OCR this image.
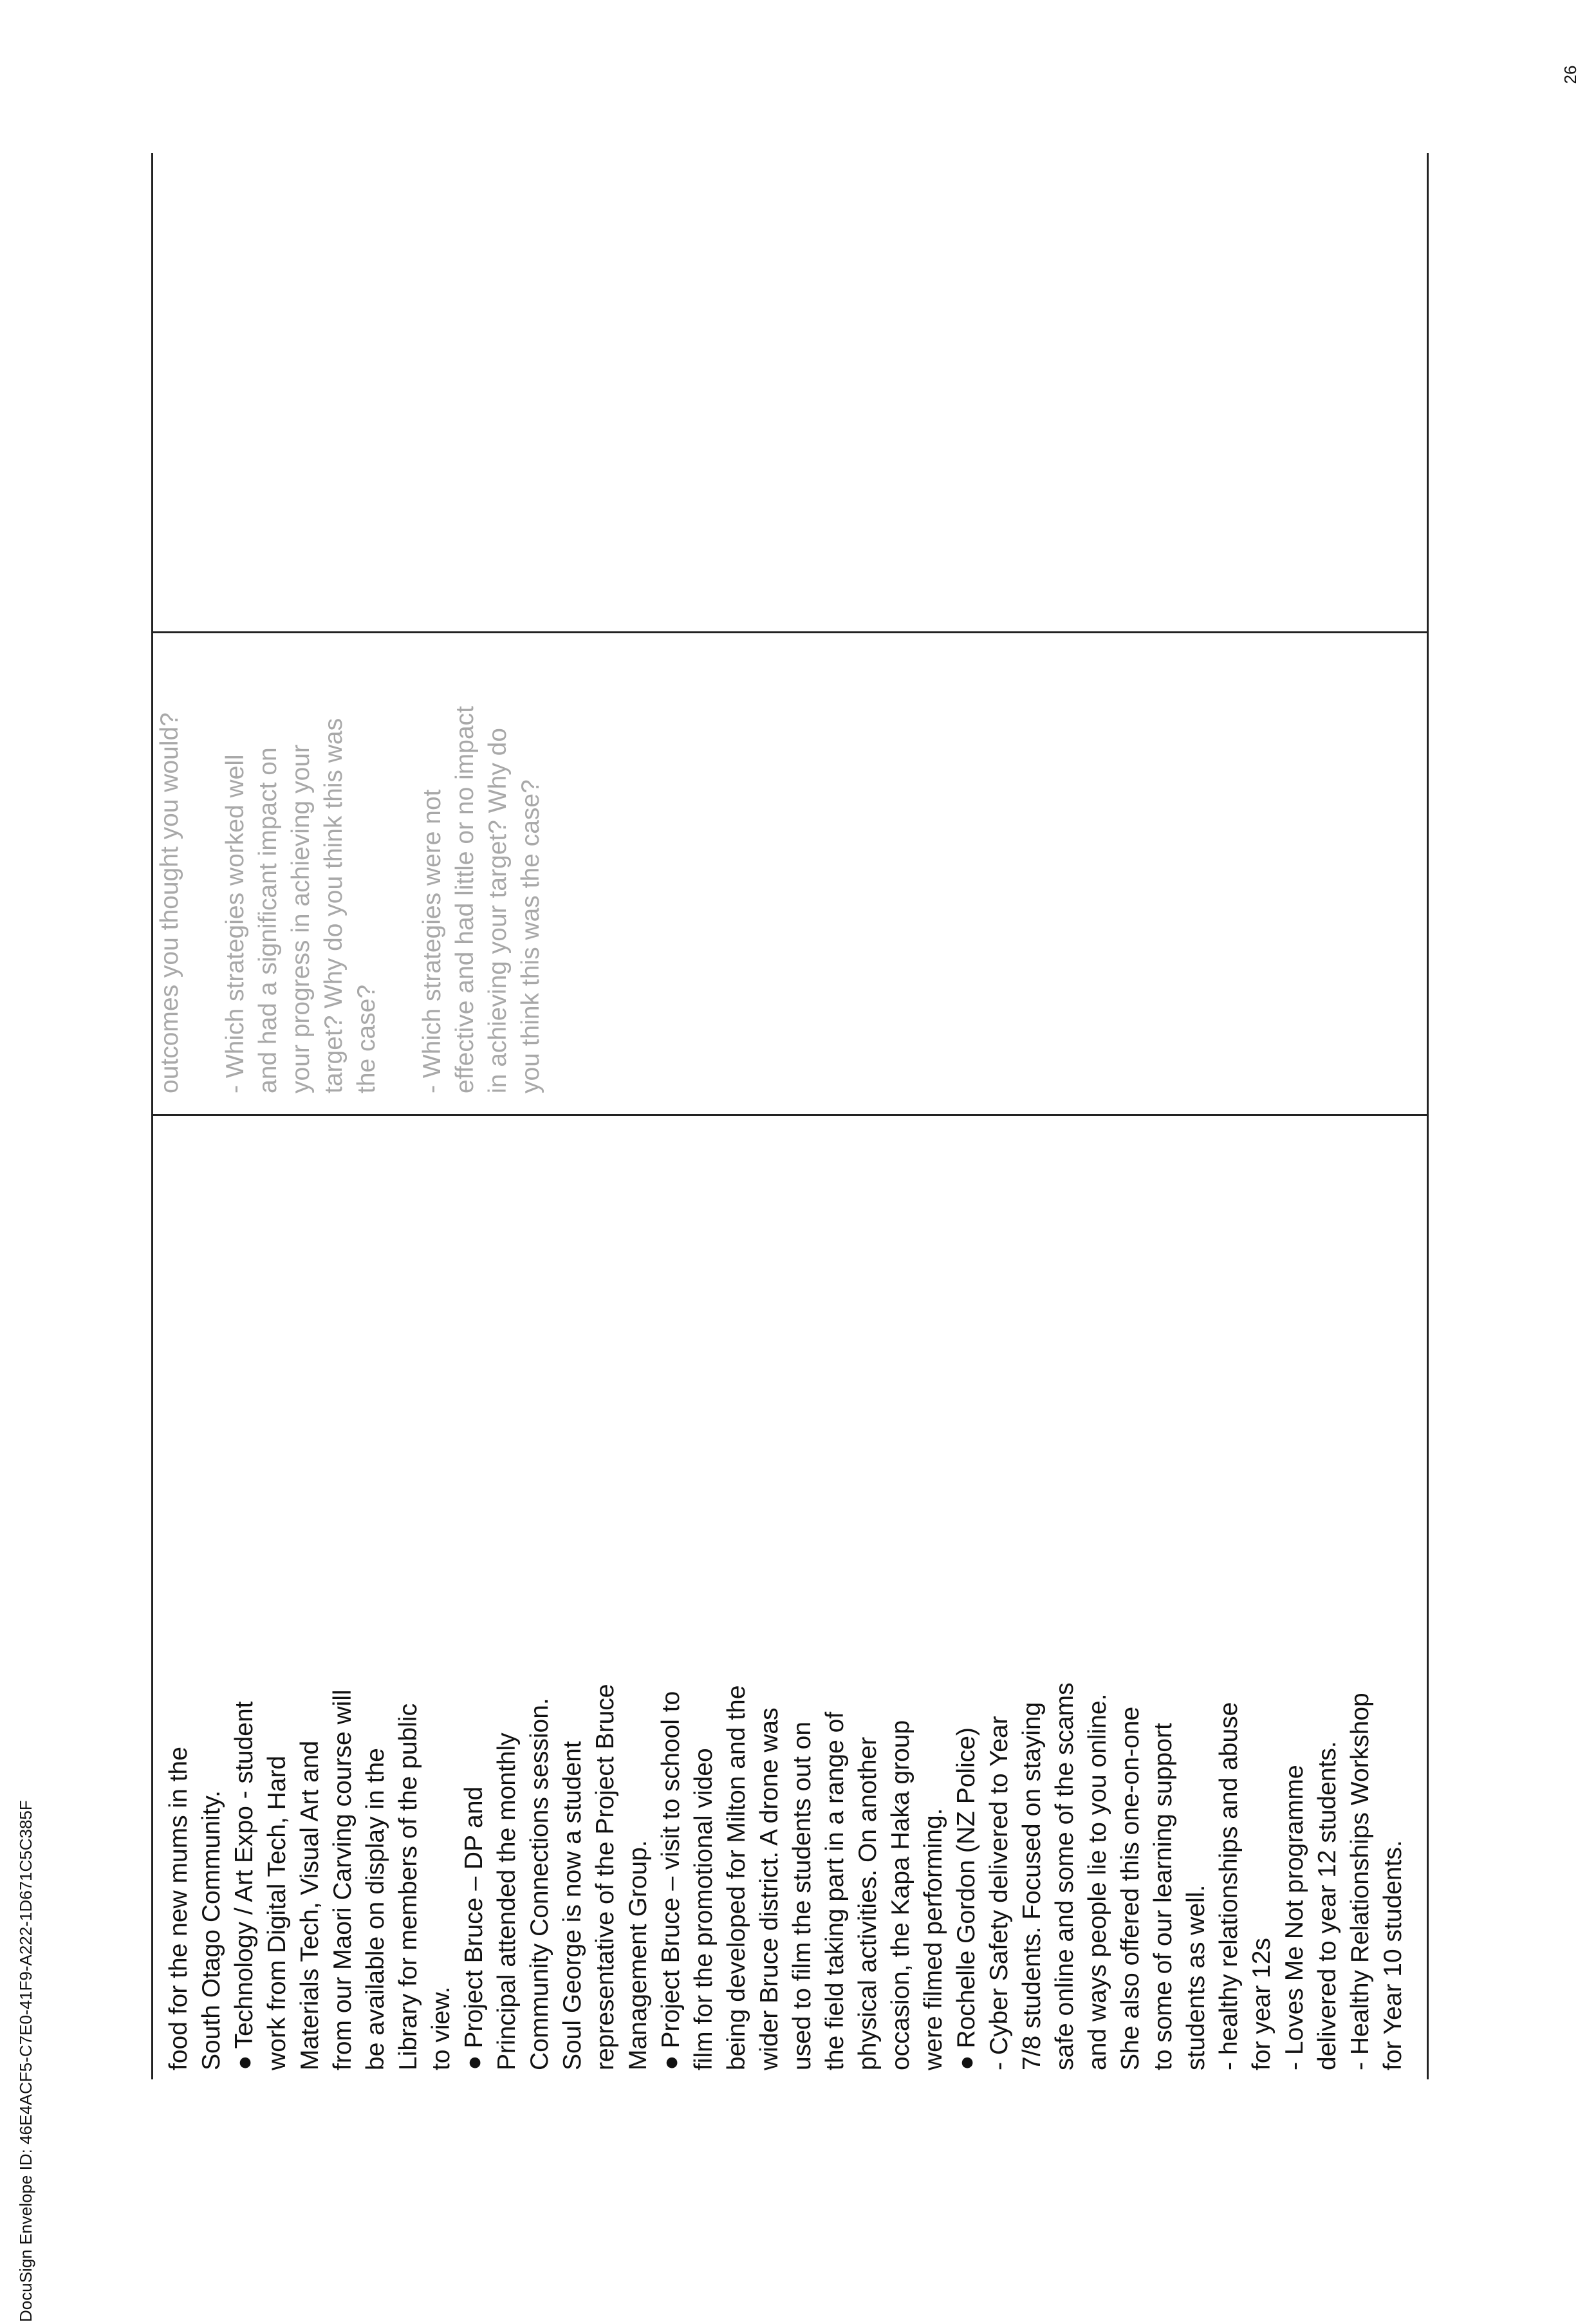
26
DocuSign Envelope ID: 46E4ACF5-C7E0-41F9-A222-1D671C5C385F	food for the new mums in the South Otago Community. ● Technology / Art Expo - student work from Digital Tech, Hard Materials Tech, Visual Art and from our Maori Carving course will be available on display in the Library for members of the public to view. ● Project Bruce – DP and Principal attended the monthly Community Connections session. Soul George is now a student representative of the Project Bruce Management Group. ● Project Bruce – visit to school to film for the promotional video being developed for Milton and the wider Bruce district. A drone was used to film the students out on the field taking part in a range of physical activities. On another occasion, the Kapa Haka group were filmed performing. ● Rochelle Gordon (NZ Police) - Cyber Safety delivered to Year 7/8 students. Focused on staying safe online and some of the scams and ways people lie to you online. She also offered this one-on-one to some of our learning support students as well. - healthy relationships and abuse for year 12s - Loves Me Not programme delivered to year 12 students. - Healthy Relationships Workshop for Year 10 students.

outcomes you thought you would? - Which strategies worked well and had a significant impact on your progress in achieving your target? Why do you think this was the case? - Which strategies were not effective and had little or no impact in achieving your target? Why do you think this was the case?
